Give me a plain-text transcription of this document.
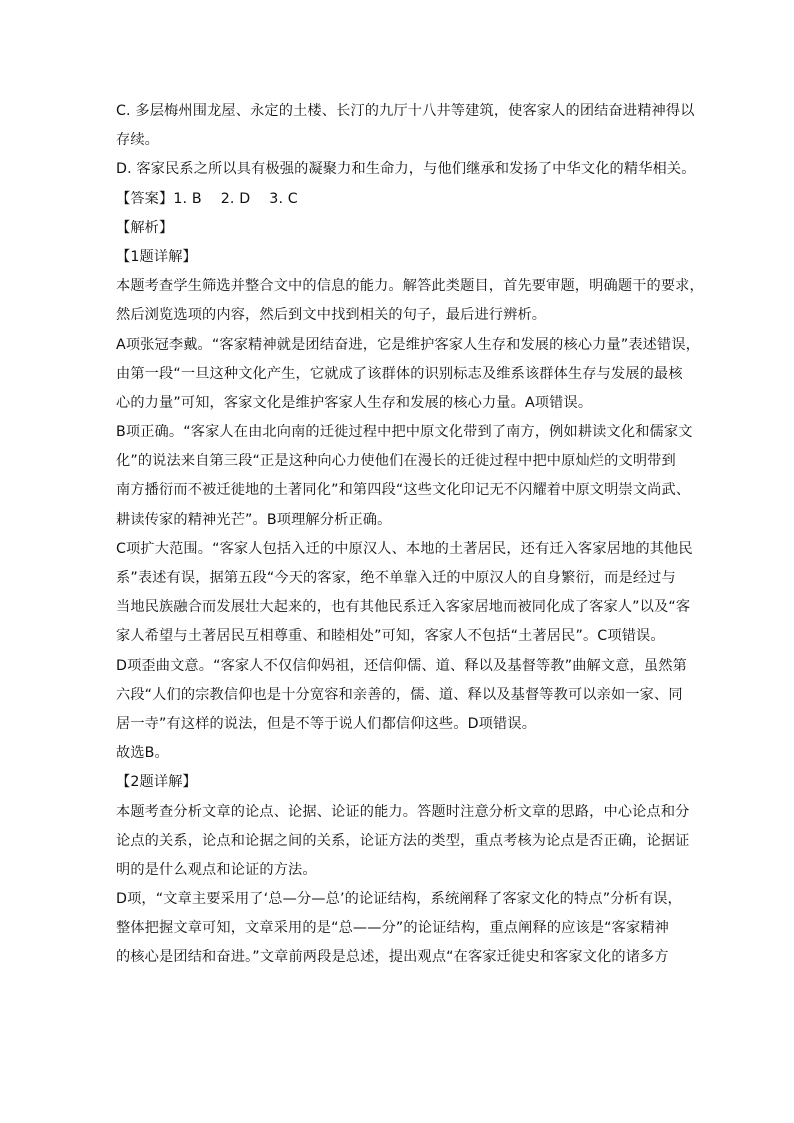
C. 多层梅州围龙屋、永定的土楼、长汀的九厅十八井等建筑，使客家人的团结奋进精神得以
存续。
D. 客家民系之所以具有极强的凝聚力和生命力，与他们继承和发扬了中华文化的精华相关。
【答案】1. B　 2. D　 3. C
【解析】
【1题详解】
本题考查学生筛选并整合文中的信息的能力。解答此类题目，首先要审题，明确题干的要求，
然后浏览选项的内容，然后到文中找到相关的句子，最后进行辨析。
A项张冠李戴。“客家精神就是团结奋进，它是维护客家人生存和发展的核心力量”表述错误，
由第一段“一旦这种文化产生，它就成了该群体的识别标志及维系该群体生存与发展的最核
心的力量”可知，客家文化是维护客家人生存和发展的核心力量。A项错误。
B项正确。“客家人在由北向南的迁徙过程中把中原文化带到了南方，例如耕读文化和儒家文
化”的说法来自第三段“正是这种向心力使他们在漫长的迁徙过程中把中原灿烂的文明带到
南方播衍而不被迁徙地的土著同化”和第四段“这些文化印记无不闪耀着中原文明崇文尚武、
耕读传家的精神光芒”。B项理解分析正确。
C项扩大范围。“客家人包括入迁的中原汉人、本地的土著居民，还有迁入客家居地的其他民
系”表述有误，据第五段“今天的客家，绝不单靠入迁的中原汉人的自身繁衍，而是经过与
当地民族融合而发展壮大起来的，也有其他民系迁入客家居地而被同化成了客家人”以及“客
家人希望与土著居民互相尊重、和睦相处”可知，客家人不包括“土著居民”。C项错误。
D项歪曲文意。“客家人不仅信仰妈祖，还信仰儒、道、释以及基督等教”曲解文意，虽然第
六段“人们的宗教信仰也是十分宽容和亲善的，儒、道、释以及基督等教可以亲如一家、同
居一寺”有这样的说法，但是不等于说人们都信仰这些。D项错误。
故选B。
【2题详解】
本题考查分析文章的论点、论据、论证的能力。答题时注意分析文章的思路，中心论点和分
论点的关系，论点和论据之间的关系，论证方法的类型，重点考核为论点是否正确，论据证
明的是什么观点和论证的方法。
D项，“文章主要采用了‘总—分—总’的论证结构，系统阐释了客家文化的特点”分析有误，
整体把握文章可知，文章采用的是“总——分”的论证结构，重点阐释的应该是“客家精神
的核心是团结和奋进。”文章前两段是总述，提出观点“在客家迁徙史和客家文化的诸多方
